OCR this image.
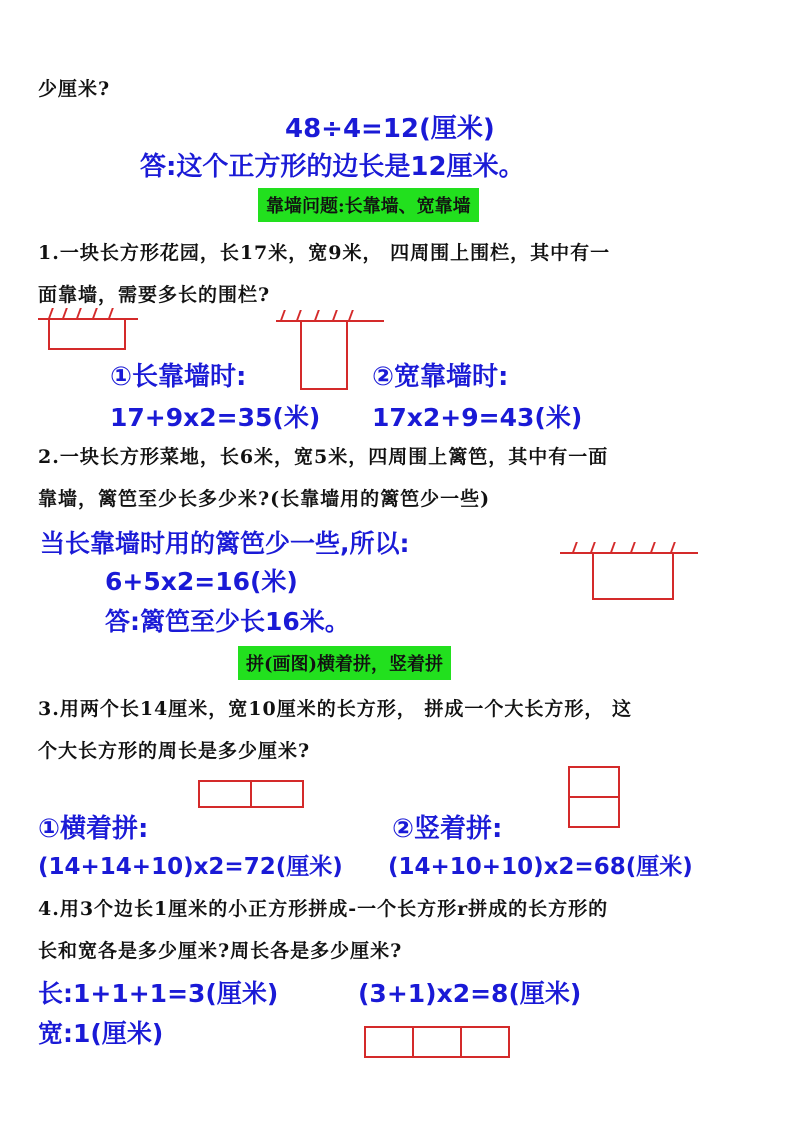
少厘米?
48÷4=12(厘米)
答:这个正方形的边长是12厘米。
靠墙问题:长靠墙、宽靠墙
1.一块长方形花园，长17米，宽9米， 四周围上围栏，其中有一
面靠墙，需要多长的围栏?
①长靠墙时:	②宽靠墙时:
17+9x2=35(米) 17x2+9=43(米)
2.一块长方形菜地，长6米，宽5米，四周围上篱笆，其中有一面
靠墙，篱笆至少长多少米?(长靠墙用的篱笆少一些)
当长靠墙时用的篱笆少一些,所以:
6+5x2=16(米)
答:篱笆至少长16米。
拼(画图)横着拼，竖着拼
3.用两个长14厘米，宽10厘米的长方形， 拼成一个大长方形， 这
个大长方形的周长是多少厘米?
①横着拼:	②竖着拼:
(14+14+10)x2=72(厘米) (14+10+10)x2=68(厘米)
4.用3个边长1厘米的小正方形拼成-一个长方形r拼成的长方形的
长和宽各是多少厘米?周长各是多少厘米?
长:1+1+1=3(厘米)	(3+1)x2=8(厘米)
宽:1(厘米)
